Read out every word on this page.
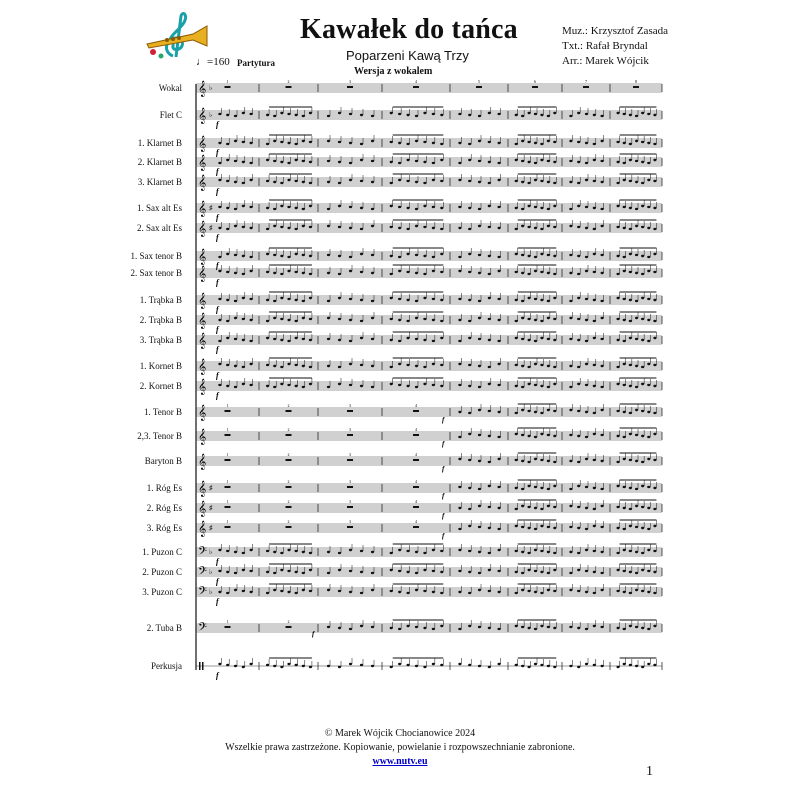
Kawałek do tańca
Poparzeni Kawą Trzy
Wersja z wokalem
Muz.: Krzysztof Zasada
Txt.: Rafał Bryndal
Arr.: Marek Wójcik
♩=160 Partytura
Wokal 𝄞 ♭
1	2	3	4	5	6	7	8
Flet C 𝄞 ♭
f
1. Klarnet B 𝄞
f
2. Klarnet B 𝄞
f
3. Klarnet B 𝄞
f
1. Sax alt Es 𝄞 ♯
f
2. Sax alt Es 𝄞 ♯
f
1. Sax tenor B 𝄞
f
2. Sax tenor B 𝄞
f
1. Trąbka B 𝄞
f
2. Trąbka B 𝄞
f
3. Trąbka B 𝄞
f
1. Kornet B 𝄞
f
2. Kornet B 𝄞
f
1. Tenor B 𝄞	1	2	3	4
f
2,3. Tenor B 𝄞	1	2	3	4
f
Baryton B 𝄞	1	2	3	4
f
1. Róg Es 𝄞 ♯
1	2	3	4
f
2. Róg Es 𝄞 ♯
1	2	3	4
f
3. Róg Es 𝄞 ♯
1	2	3	4
f
1. Puzon C 𝄢 ♭
f
2. Puzon C 𝄢 ♭
f
3. Puzon C 𝄢 ♭
f
2. Tuba B 𝄢	1	2
f
Perkusja
f
© Marek Wójcik Chocianowice 2024
Wszelkie prawa zastrzeżone. Kopiowanie, powielanie i rozpowszechnianie zabronione.
www.nutv.eu
1
